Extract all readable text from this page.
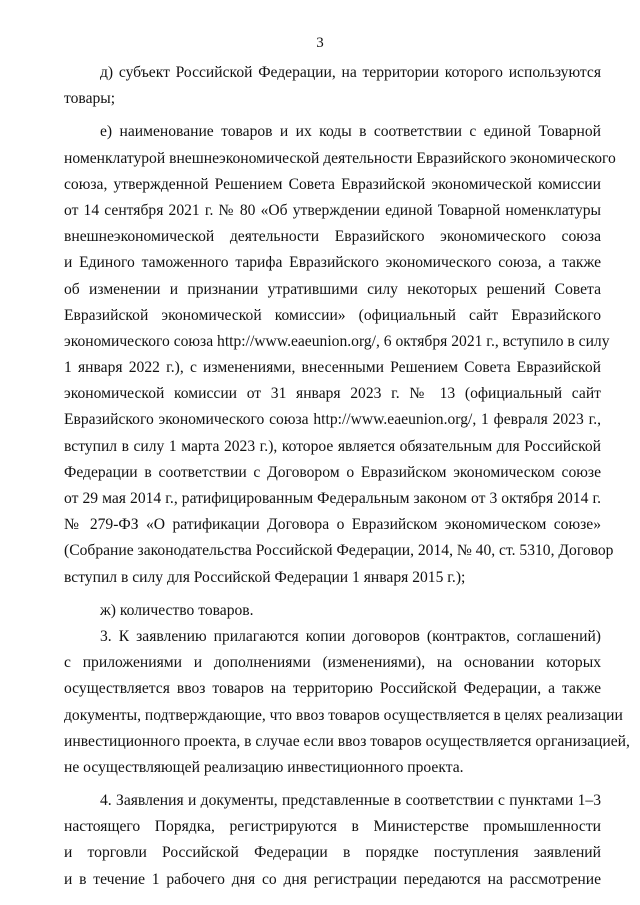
3
д) субъект Российской Федерации, на территории которого используются
товары;
е) наименование товаров и их коды в соответствии с единой Товарной
номенклатурой внешнеэкономической деятельности Евразийского экономического
союза, утвержденной Решением Совета Евразийской экономической комиссии
от 14 сентября 2021 г. № 80 «Об утверждении единой Товарной номенклатуры
внешнеэкономической деятельности Евразийского экономического союза
и Единого таможенного тарифа Евразийского экономического союза, а также
об изменении и признании утратившими силу некоторых решений Совета
Евразийской экономической комиссии» (официальный сайт Евразийского
экономического союза http://www.eaeunion.org/, 6 октября 2021 г., вступило в силу
1 января 2022 г.), с изменениями, внесенными Решением Совета Евразийской
экономической комиссии от 31 января 2023 г. № 13 (официальный сайт
Евразийского экономического союза http://www.eaeunion.org/, 1 февраля 2023 г.,
вступил в силу 1 марта 2023 г.), которое является обязательным для Российской
Федерации в соответствии с Договором о Евразийском экономическом союзе
от 29 мая 2014 г., ратифицированным Федеральным законом от 3 октября 2014 г.
№ 279-ФЗ «О ратификации Договора о Евразийском экономическом союзе»
(Собрание законодательства Российской Федерации, 2014, № 40, ст. 5310, Договор
вступил в силу для Российской Федерации 1 января 2015 г.);
ж) количество товаров.
3. К заявлению прилагаются копии договоров (контрактов, соглашений)
с приложениями и дополнениями (изменениями), на основании которых
осуществляется ввоз товаров на территорию Российской Федерации, а также
документы, подтверждающие, что ввоз товаров осуществляется в целях реализации
инвестиционного проекта, в случае если ввоз товаров осуществляется организацией,
не осуществляющей реализацию инвестиционного проекта.
4. Заявления и документы, представленные в соответствии с пунктами 1–3
настоящего Порядка, регистрируются в Министерстве промышленности
и торговли Российской Федерации в порядке поступления заявлений
и в течение 1 рабочего дня со дня регистрации передаются на рассмотрение
